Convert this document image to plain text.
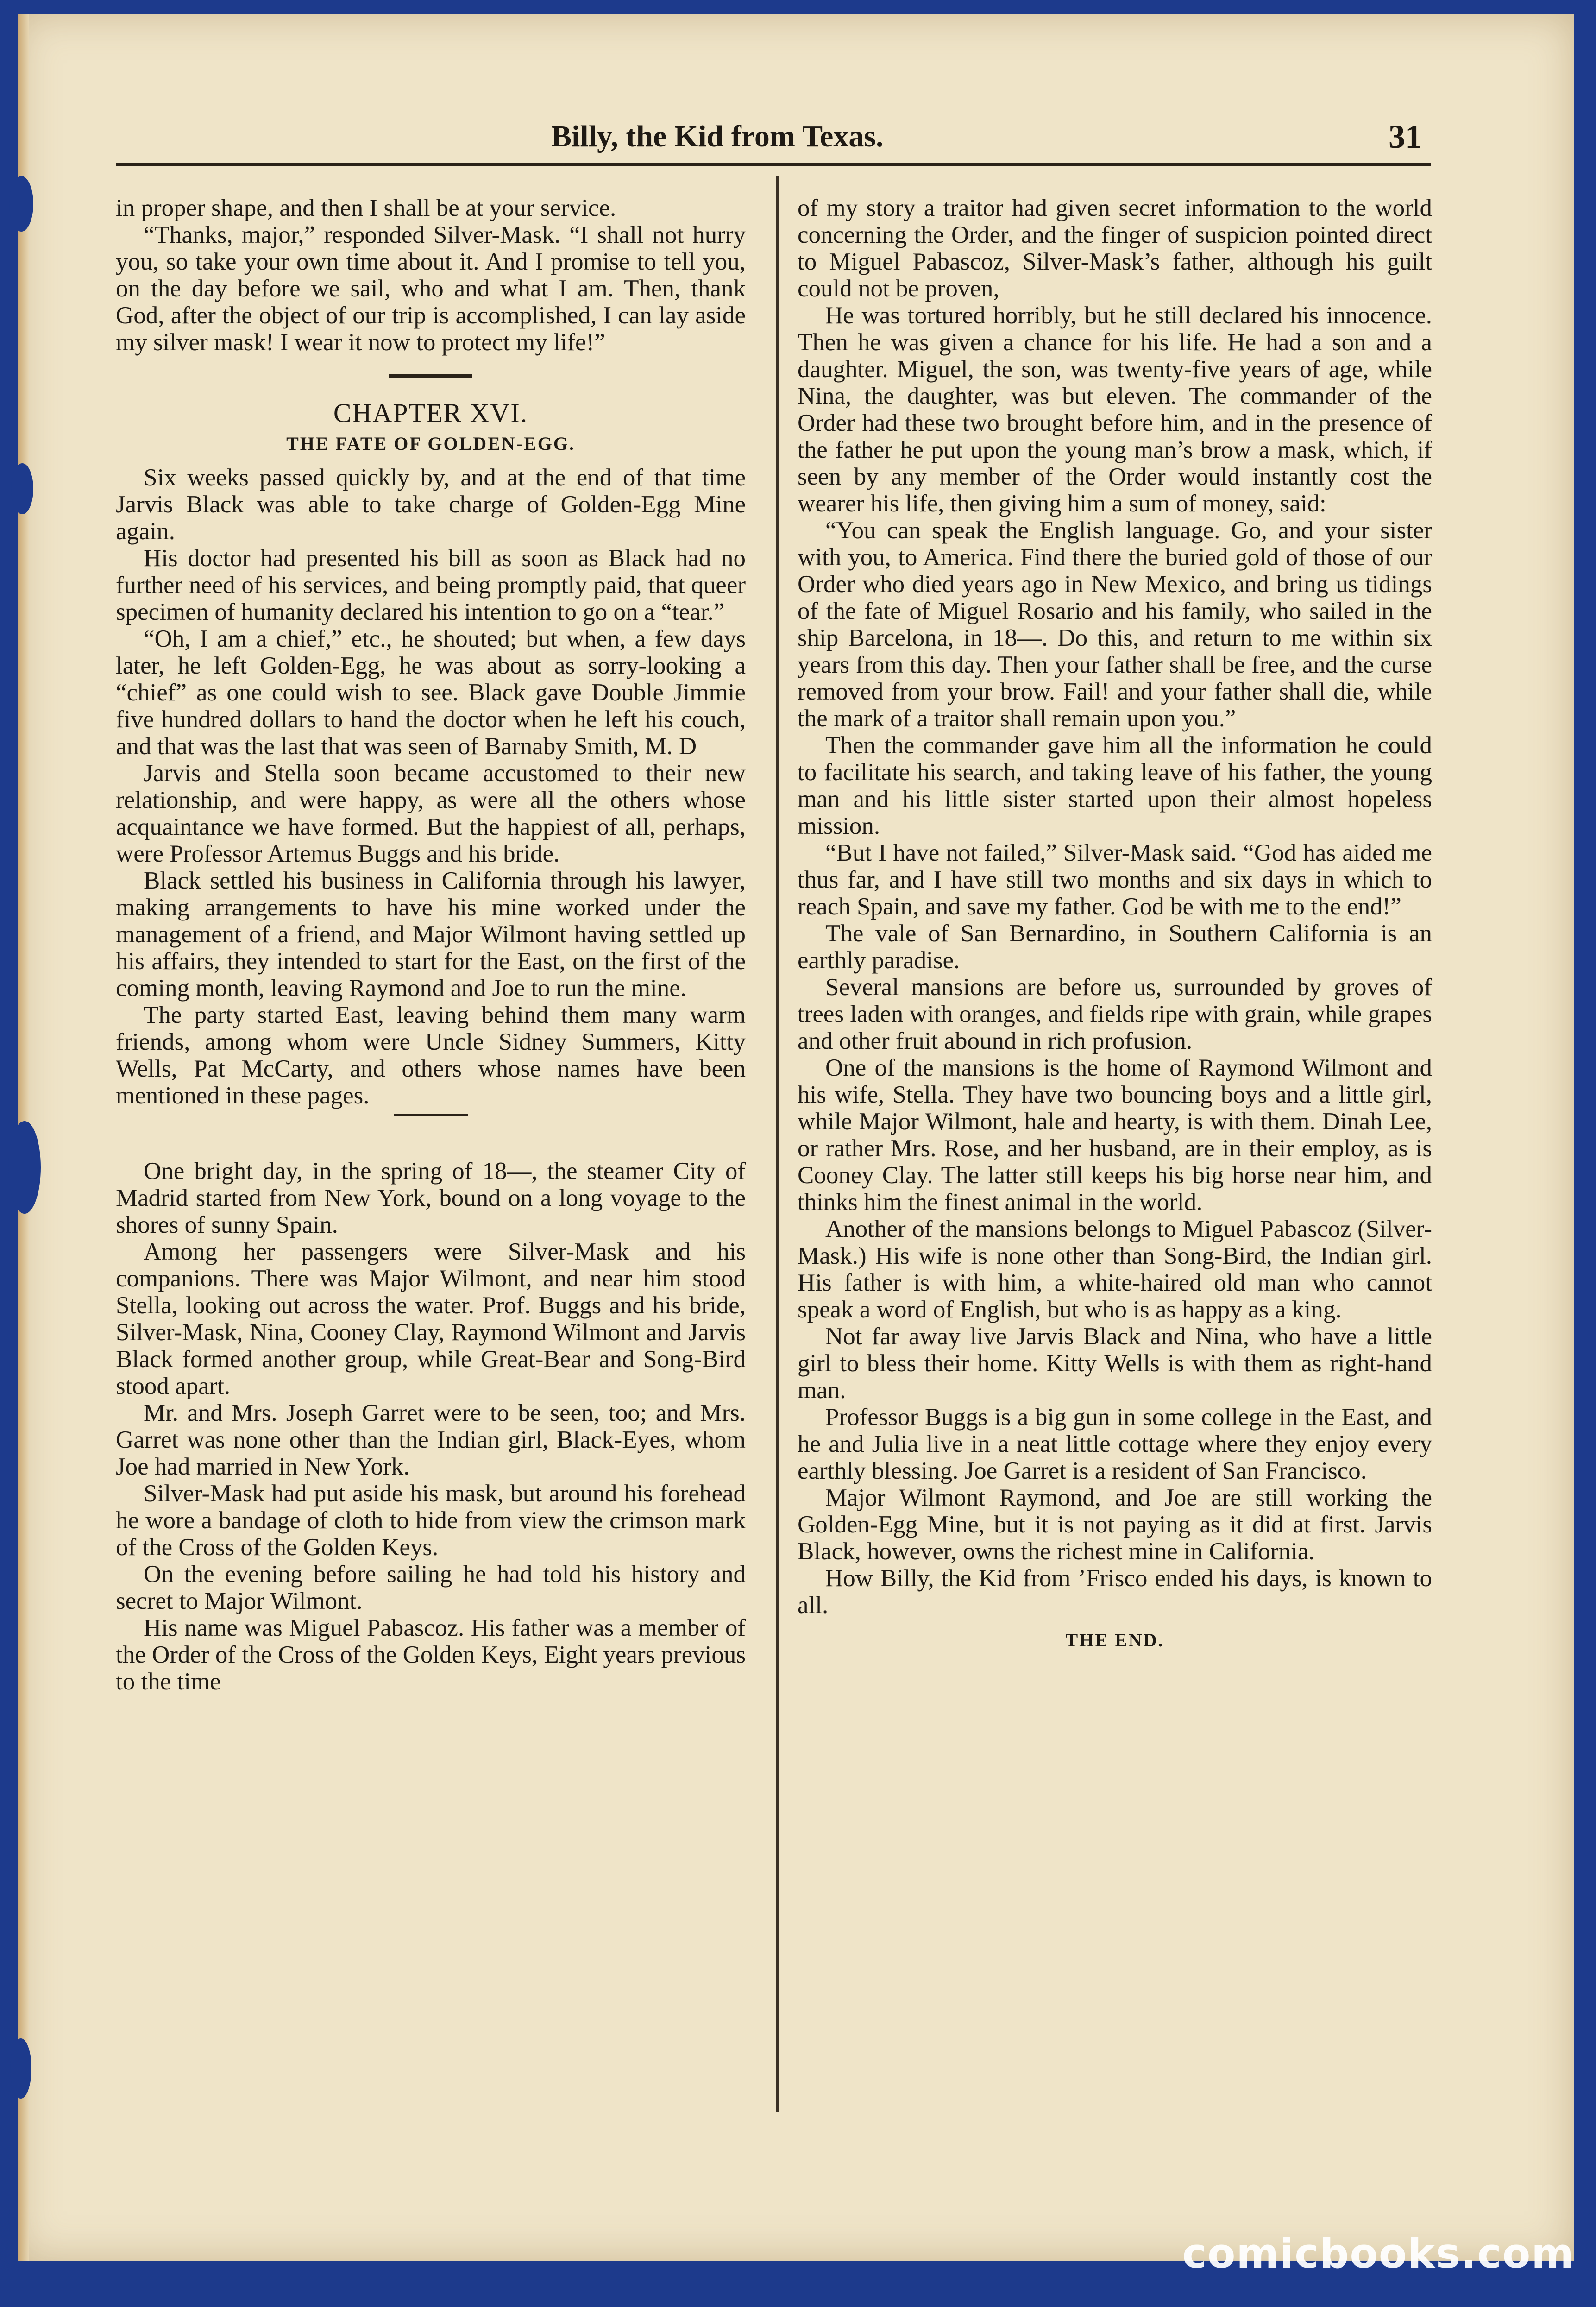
Billy, the Kid from Texas.	31

in proper shape, and then I shall be at your service.

“Thanks, major,” responded Silver-Mask. “I shall not hurry you, so take your own time about it. And I promise to tell you, on the day before we sail, who and what I am. Then, thank God, after the object of our trip is accomplished, I can lay aside my silver mask! I wear it now to protect my life!”

CHAPTER XVI.
THE FATE OF GOLDEN-EGG.

Six weeks passed quickly by, and at the end of that time Jarvis Black was able to take charge of Golden-Egg Mine again.

His doctor had presented his bill as soon as Black had no further need of his services, and being promptly paid, that queer specimen of humanity declared his intention to go on a “tear.”

“Oh, I am a chief,” etc., he shouted; but when, a few days later, he left Golden-Egg, he was about as sorry-looking a “chief” as one could wish to see. Black gave Double Jimmie five hundred dollars to hand the doctor when he left his couch, and that was the last that was seen of Barnaby Smith, M. D

Jarvis and Stella soon became accustomed to their new relationship, and were happy, as were all the others whose acquaintance we have formed. But the happiest of all, perhaps, were Professor Artemus Buggs and his bride.

Black settled his business in California through his lawyer, making arrangements to have his mine worked under the management of a friend, and Major Wilmont having settled up his affairs, they intended to start for the East, on the first of the coming month, leaving Raymond and Joe to run the mine.

The party started East, leaving behind them many warm friends, among whom were Uncle Sidney Summers, Kitty Wells, Pat McCarty, and others whose names have been mentioned in these pages.

One bright day, in the spring of 18—, the steamer City of Madrid started from New York, bound on a long voyage to the shores of sunny Spain.

Among her passengers were Silver-Mask and his companions. There was Major Wilmont, and near him stood Stella, looking out across the water. Prof. Buggs and his bride, Silver-Mask, Nina, Cooney Clay, Raymond Wilmont and Jarvis Black formed another group, while Great-Bear and Song-Bird stood apart.

Mr. and Mrs. Joseph Garret were to be seen, too; and Mrs. Garret was none other than the Indian girl, Black-Eyes, whom Joe had married in New York.

Silver-Mask had put aside his mask, but around his forehead he wore a bandage of cloth to hide from view the crimson mark of the Cross of the Golden Keys.

On the evening before sailing he had told his history and secret to Major Wilmont.

His name was Miguel Pabascoz. His father was a member of the Order of the Cross of the Golden Keys, Eight years previous to the time

of my story a traitor had given secret information to the world concerning the Order, and the finger of suspicion pointed direct to Miguel Pabascoz, Silver-Mask’s father, although his guilt could not be proven,

He was tortured horribly, but he still declared his innocence. Then he was given a chance for his life. He had a son and a daughter. Miguel, the son, was twenty-five years of age, while Nina, the daughter, was but eleven. The commander of the Order had these two brought before him, and in the presence of the father he put upon the young man’s brow a mask, which, if seen by any member of the Order would instantly cost the wearer his life, then giving him a sum of money, said:

“You can speak the English language. Go, and your sister with you, to America. Find there the buried gold of those of our Order who died years ago in New Mexico, and bring us tidings of the fate of Miguel Rosario and his family, who sailed in the ship Barcelona, in 18—. Do this, and return to me within six years from this day. Then your father shall be free, and the curse removed from your brow. Fail! and your father shall die, while the mark of a traitor shall remain upon you.”

Then the commander gave him all the information he could to facilitate his search, and taking leave of his father, the young man and his little sister started upon their almost hopeless mission.

“But I have not failed,” Silver-Mask said. “God has aided me thus far, and I have still two months and six days in which to reach Spain, and save my father. God be with me to the end!”

The vale of San Bernardino, in Southern California is an earthly paradise.

Several mansions are before us, surrounded by groves of trees laden with oranges, and fields ripe with grain, while grapes and other fruit abound in rich profusion.

One of the mansions is the home of Raymond Wilmont and his wife, Stella. They have two bouncing boys and a little girl, while Major Wilmont, hale and hearty, is with them. Dinah Lee, or rather Mrs. Rose, and her husband, are in their employ, as is Cooney Clay. The latter still keeps his big horse near him, and thinks him the finest animal in the world.

Another of the mansions belongs to Miguel Pabascoz (Silver-Mask.) His wife is none other than Song-Bird, the Indian girl. His father is with him, a white-haired old man who cannot speak a word of English, but who is as happy as a king.

Not far away live Jarvis Black and Nina, who have a little girl to bless their home. Kitty Wells is with them as right-hand man.

Professor Buggs is a big gun in some college in the East, and he and Julia live in a neat little cottage where they enjoy every earthly blessing. Joe Garret is a resident of San Francisco.

Major Wilmont Raymond, and Joe are still working the Golden-Egg Mine, but it is not paying as it did at first. Jarvis Black, however, owns the richest mine in California.

How Billy, the Kid from ’Frisco ended his days, is known to all.

THE END.
comicbooks.com
